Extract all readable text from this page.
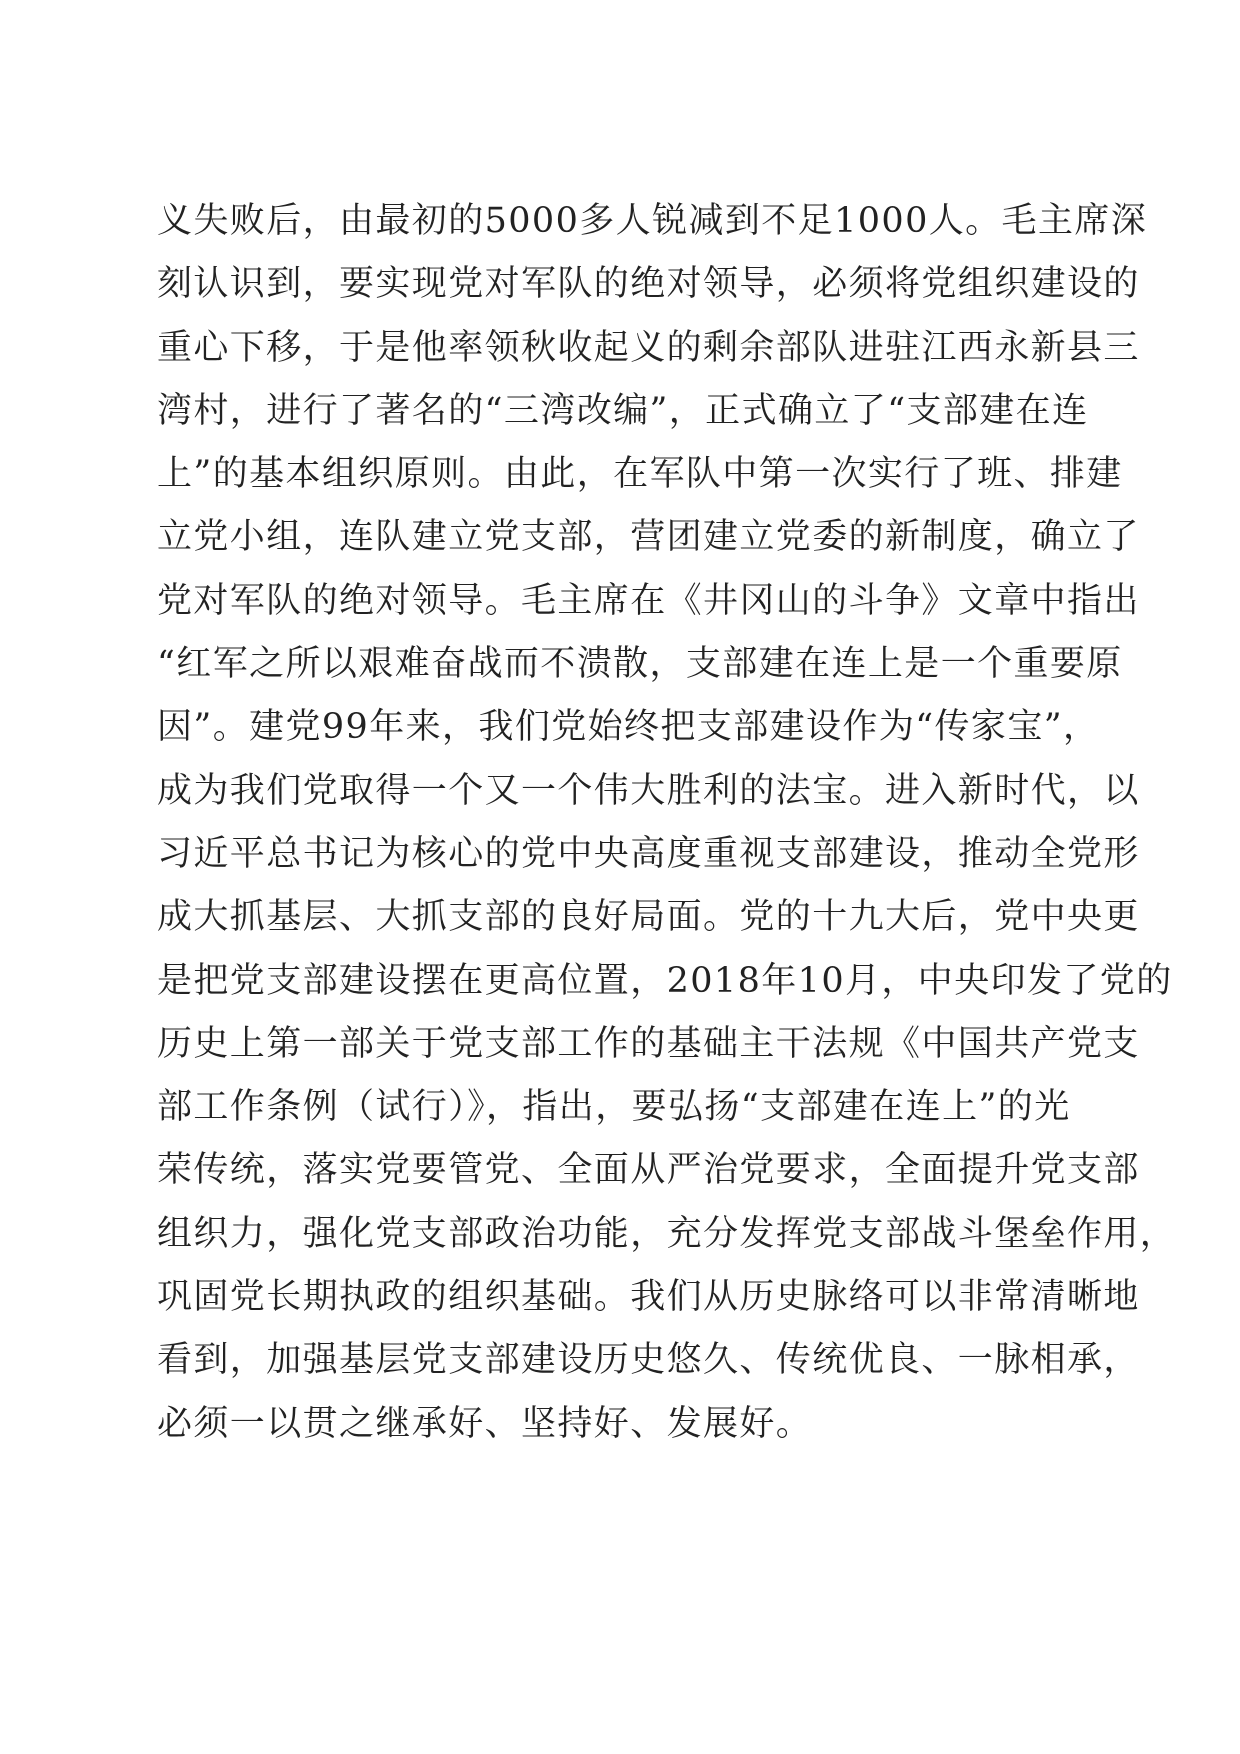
义失败后，由最初的5000多人锐减到不足1000人。毛主席深
刻认识到，要实现党对军队的绝对领导，必须将党组织建设的
重心下移，于是他率领秋收起义的剩余部队进驻江西永新县三
湾村，进行了著名的“三湾改编”，正式确立了“支部建在连
上”的基本组织原则。由此，在军队中第一次实行了班、排建
立党小组，连队建立党支部，营团建立党委的新制度，确立了
党对军队的绝对领导。毛主席在《井冈山的斗争》文章中指出
“红军之所以艰难奋战而不溃散，支部建在连上是一个重要原
因”。建党99年来，我们党始终把支部建设作为“传家宝”，
成为我们党取得一个又一个伟大胜利的法宝。进入新时代，以
习近平总书记为核心的党中央高度重视支部建设，推动全党形
成大抓基层、大抓支部的良好局面。党的十九大后，党中央更
是把党支部建设摆在更高位置，2018年10月，中央印发了党的
历史上第一部关于党支部工作的基础主干法规《中国共产党支
部工作条例（试行）》，指出，要弘扬“支部建在连上”的光
荣传统，落实党要管党、全面从严治党要求，全面提升党支部
组织力，强化党支部政治功能，充分发挥党支部战斗堡垒作用，
巩固党长期执政的组织基础。我们从历史脉络可以非常清晰地
看到，加强基层党支部建设历史悠久、传统优良、一脉相承，
必须一以贯之继承好、坚持好、发展好。
